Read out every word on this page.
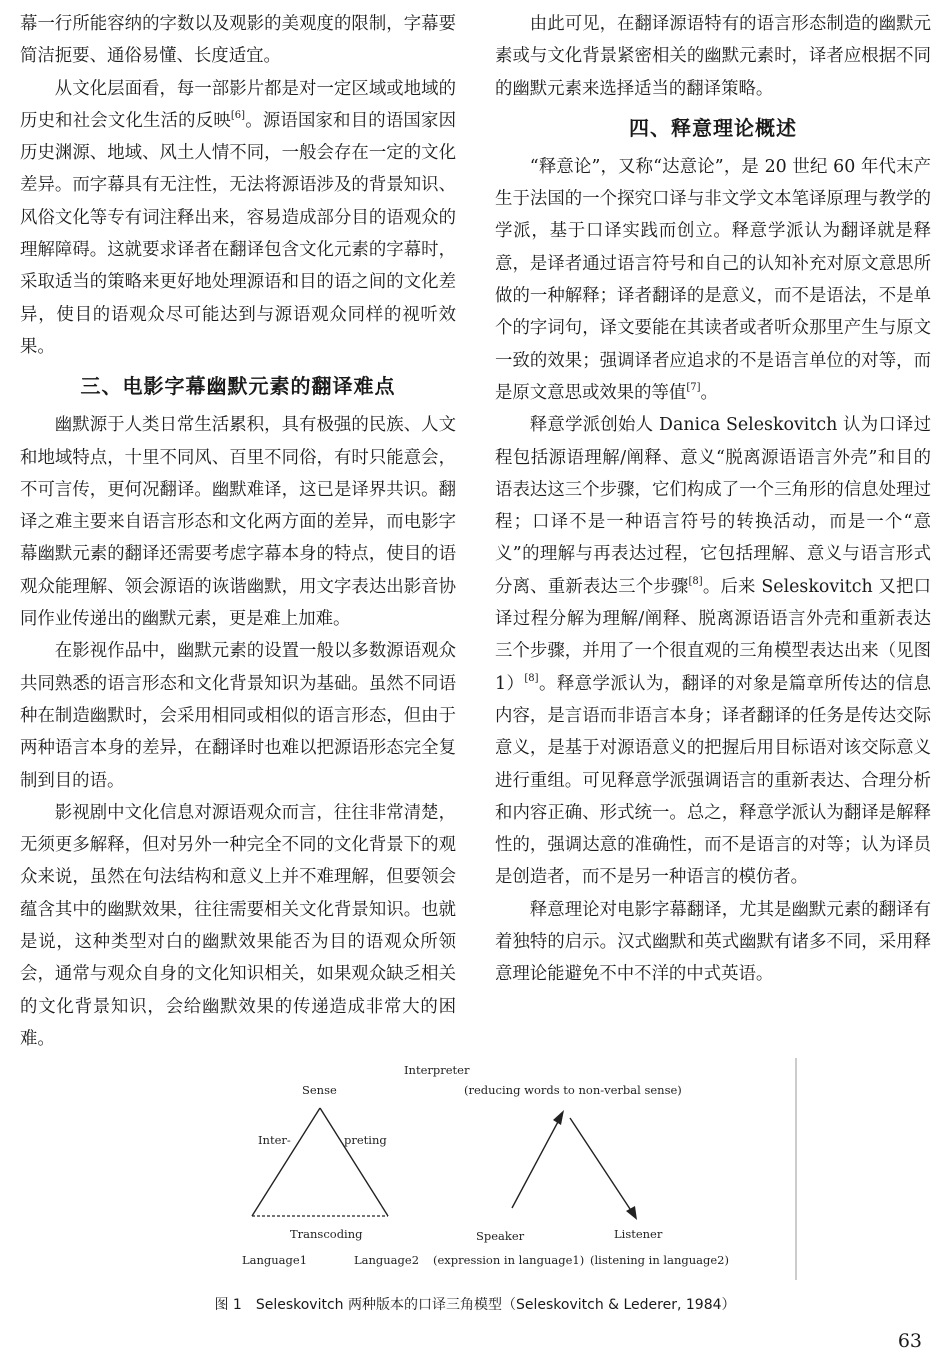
幕一行所能容纳的字数以及观影的美观度的限制，字幕要简洁扼要、通俗易懂、长度适宜。

从文化层面看，每一部影片都是对一定区域或地域的历史和社会文化生活的反映[6]。源语国家和目的语国家因历史渊源、地域、风土人情不同，一般会存在一定的文化差异。而字幕具有无注性，无法将源语涉及的背景知识、风俗文化等专有词注释出来，容易造成部分目的语观众的理解障碍。这就要求译者在翻译包含文化元素的字幕时，采取适当的策略来更好地处理源语和目的语之间的文化差异，使目的语观众尽可能达到与源语观众同样的视听效果。

三、电影字幕幽默元素的翻译难点

幽默源于人类日常生活累积，具有极强的民族、人文和地域特点，十里不同风、百里不同俗，有时只能意会，不可言传，更何况翻译。幽默难译，这已是译界共识。翻译之难主要来自语言形态和文化两方面的差异，而电影字幕幽默元素的翻译还需要考虑字幕本身的特点，使目的语观众能理解、领会源语的诙谐幽默，用文字表达出影音协同作业传递出的幽默元素，更是难上加难。

在影视作品中，幽默元素的设置一般以多数源语观众共同熟悉的语言形态和文化背景知识为基础。虽然不同语种在制造幽默时，会采用相同或相似的语言形态，但由于两种语言本身的差异，在翻译时也难以把源语形态完全复制到目的语。

影视剧中文化信息对源语观众而言，往往非常清楚，无须更多解释，但对另外一种完全不同的文化背景下的观众来说，虽然在句法结构和意义上并不难理解，但要领会蕴含其中的幽默效果，往往需要相关文化背景知识。也就是说，这种类型对白的幽默效果能否为目的语观众所领会，通常与观众自身的文化知识相关，如果观众缺乏相关的文化背景知识，会给幽默效果的传递造成非常大的困难。

由此可见，在翻译源语特有的语言形态制造的幽默元素或与文化背景紧密相关的幽默元素时，译者应根据不同的幽默元素来选择适当的翻译策略。

四、释意理论概述

“释意论”，又称“达意论”，是 20 世纪 60 年代末产生于法国的一个探究口译与非文学文本笔译原理与教学的学派，基于口译实践而创立。释意学派认为翻译就是释意，是译者通过语言符号和自己的认知补充对原文意思所做的一种解释；译者翻译的是意义，而不是语法，不是单个的字词句，译文要能在其读者或者听众那里产生与原文一致的效果；强调译者应追求的不是语言单位的对等，而是原文意思或效果的等值[7]。

释意学派创始人 Danica Seleskovitch 认为口译过程包括源语理解/阐释、意义“脱离源语语言外壳”和目的语表达这三个步骤，它们构成了一个三角形的信息处理过程；口译不是一种语言符号的转换活动，而是一个“意义”的理解与再表达过程，它包括理解、意义与语言形式分离、重新表达三个步骤[8]。后来 Seleskovitch 又把口译过程分解为理解/阐释、脱离源语语言外壳和重新表达三个步骤，并用了一个很直观的三角模型表达出来（见图 1）[8]。释意学派认为，翻译的对象是篇章所传达的信息内容，是言语而非语言本身；译者翻译的任务是传达交际意义，是基于对源语意义的把握后用目标语对该交际意义进行重组。可见释意学派强调语言的重新表达、合理分析和内容正确、形式统一。总之，释意学派认为翻译是解释性的，强调达意的准确性，而不是语言的对等；认为译员是创造者，而不是另一种语言的模仿者。

释意理论对电影字幕翻译，尤其是幽默元素的翻译有着独特的启示。汉式幽默和英式幽默有诸多不同，采用释意理论能避免不中不洋的中式英语。

Sense
Inter-	preting
Transcoding
Language1	Language2
Interpreter
(reducing words to non-verbal sense)
Speaker	Listener
(expression in language1) (listening in language2)
图 1　Seleskovitch 两种版本的口译三角模型（Seleskovitch & Lederer, 1984）
63
